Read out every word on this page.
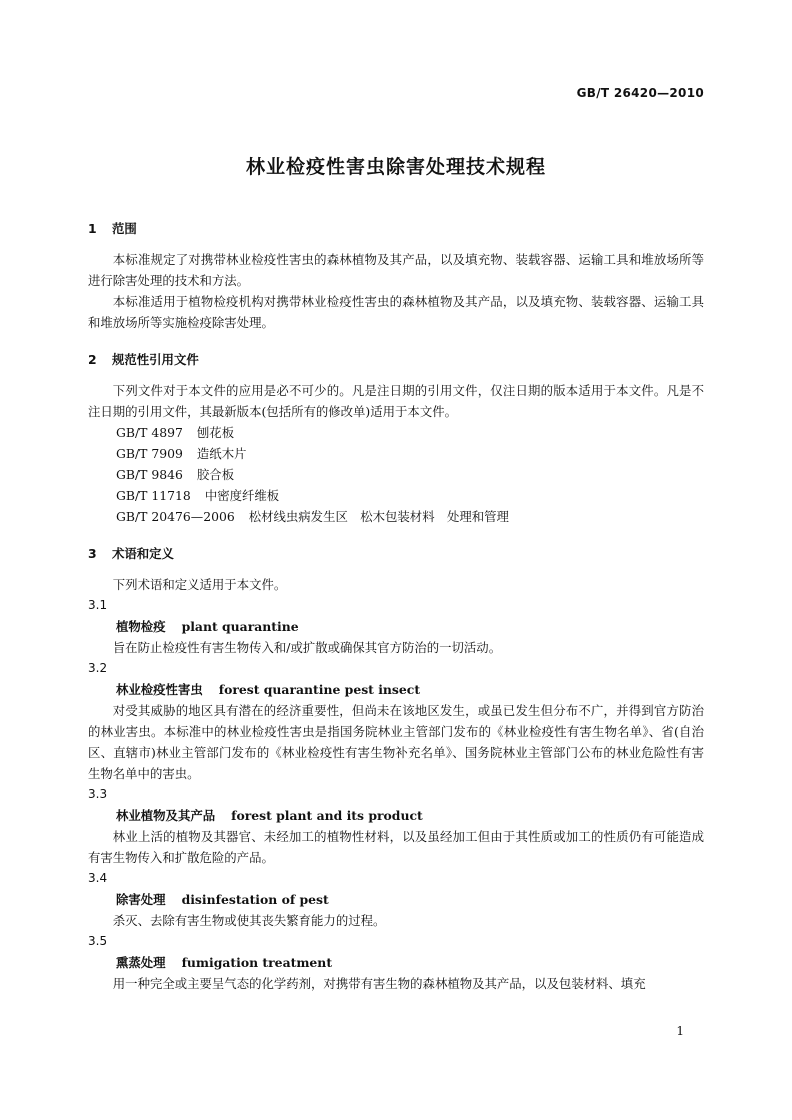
GB/T 26420—2010
林业检疫性害虫除害处理技术规程
1 范围

本标准规定了对携带林业检疫性害虫的森林植物及其产品，以及填充物、装载容器、运输工具和堆放场所等进行除害处理的技术和方法。

本标准适用于植物检疫机构对携带林业检疫性害虫的森林植物及其产品，以及填充物、装载容器、运输工具和堆放场所等实施检疫除害处理。

2 规范性引用文件

下列文件对于本文件的应用是必不可少的。凡是注日期的引用文件，仅注日期的版本适用于本文件。凡是不注日期的引用文件，其最新版本(包括所有的修改单)适用于本文件。

GB/T 4897 刨花板

GB/T 7909 造纸木片

GB/T 9846 胶合板

GB/T 11718 中密度纤维板

GB/T 20476—2006 松材线虫病发生区　松木包装材料　处理和管理

3 术语和定义

下列术语和定义适用于本文件。

3.1

植物检疫 plant quarantine

旨在防止检疫性有害生物传入和/或扩散或确保其官方防治的一切活动。

3.2

林业检疫性害虫 forest quarantine pest insect

对受其威胁的地区具有潜在的经济重要性，但尚未在该地区发生，或虽已发生但分布不广，并得到官方防治的林业害虫。本标准中的林业检疫性害虫是指国务院林业主管部门发布的《林业检疫性有害生物名单》、省(自治区、直辖市)林业主管部门发布的《林业检疫性有害生物补充名单》、国务院林业主管部门公布的林业危险性有害生物名单中的害虫。

3.3

林业植物及其产品 forest plant and its product

林业上活的植物及其器官、未经加工的植物性材料，以及虽经加工但由于其性质或加工的性质仍有可能造成有害生物传入和扩散危险的产品。

3.4

除害处理 disinfestation of pest

杀灭、去除有害生物或使其丧失繁育能力的过程。

3.5

熏蒸处理 fumigation treatment

用一种完全或主要呈气态的化学药剂，对携带有害生物的森林植物及其产品，以及包装材料、填充

1
